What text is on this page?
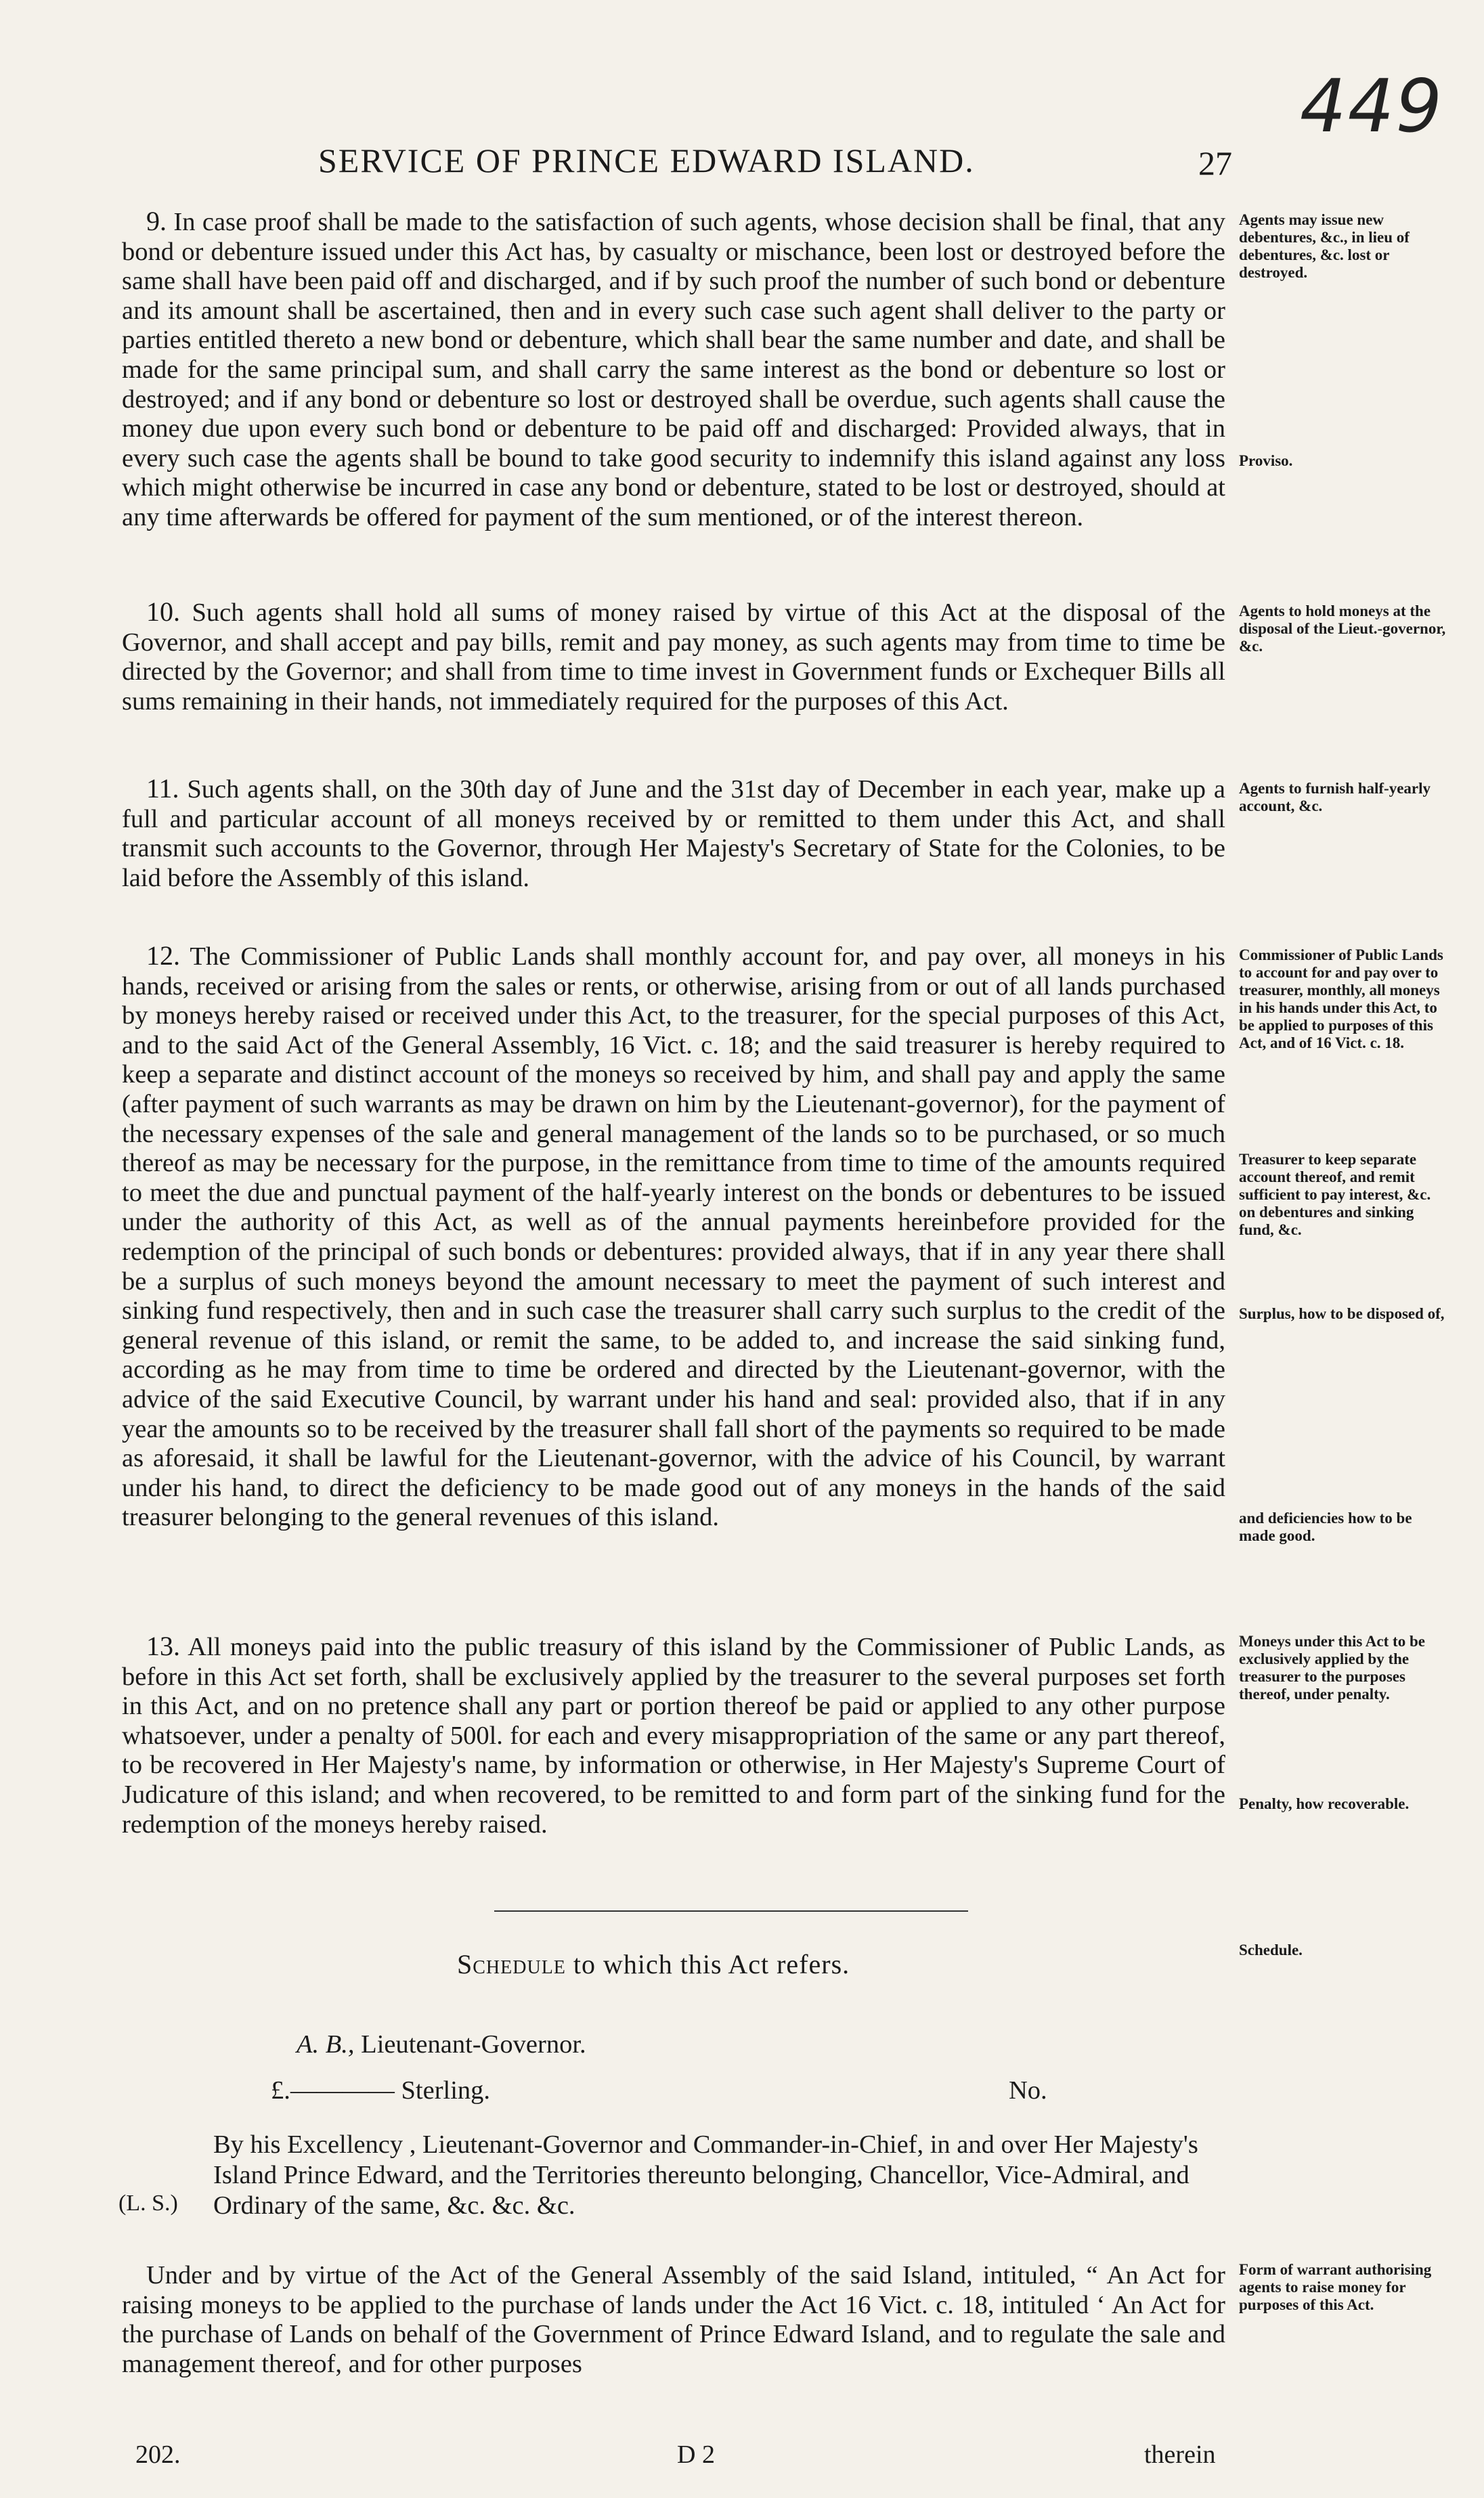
449
SERVICE OF PRINCE EDWARD ISLAND.	27

9. In case proof shall be made to the satisfaction of such agents, whose decision shall be final, that any bond or debenture issued under this Act has, by casualty or mischance, been lost or destroyed before the same shall have been paid off and discharged, and if by such proof the number of such bond or debenture and its amount shall be ascertained, then and in every such case such agent shall deliver to the party or parties entitled thereto a new bond or debenture, which shall bear the same number and date, and shall be made for the same principal sum, and shall carry the same interest as the bond or debenture so lost or destroyed; and if any bond or debenture so lost or destroyed shall be overdue, such agents shall cause the money due upon every such bond or debenture to be paid off and discharged: Provided always, that in every such case the agents shall be bound to take good security to indemnify this island against any loss which might otherwise be incurred in case any bond or debenture, stated to be lost or destroyed, should at any time afterwards be offered for payment of the sum mentioned, or of the interest thereon.

10. Such agents shall hold all sums of money raised by virtue of this Act at the disposal of the Governor, and shall accept and pay bills, remit and pay money, as such agents may from time to time be directed by the Governor; and shall from time to time invest in Government funds or Exchequer Bills all sums remaining in their hands, not immediately required for the purposes of this Act.

11. Such agents shall, on the 30th day of June and the 31st day of December in each year, make up a full and particular account of all moneys received by or remitted to them under this Act, and shall transmit such accounts to the Governor, through Her Majesty's Secretary of State for the Colonies, to be laid before the Assembly of this island.

12. The Commissioner of Public Lands shall monthly account for, and pay over, all moneys in his hands, received or arising from the sales or rents, or otherwise, arising from or out of all lands purchased by moneys hereby raised or received under this Act, to the treasurer, for the special purposes of this Act, and to the said Act of the General Assembly, 16 Vict. c. 18; and the said treasurer is hereby required to keep a separate and distinct account of the moneys so received by him, and shall pay and apply the same (after payment of such warrants as may be drawn on him by the Lieutenant-governor), for the payment of the necessary expenses of the sale and general management of the lands so to be purchased, or so much thereof as may be necessary for the purpose, in the remittance from time to time of the amounts required to meet the due and punctual payment of the half-yearly interest on the bonds or debentures to be issued under the authority of this Act, as well as of the annual payments hereinbefore provided for the redemption of the principal of such bonds or debentures: provided always, that if in any year there shall be a surplus of such moneys beyond the amount necessary to meet the payment of such interest and sinking fund respectively, then and in such case the treasurer shall carry such surplus to the credit of the general revenue of this island, or remit the same, to be added to, and increase the said sinking fund, according as he may from time to time be ordered and directed by the Lieutenant-governor, with the advice of the said Executive Council, by warrant under his hand and seal: provided also, that if in any year the amounts so to be received by the treasurer shall fall short of the payments so required to be made as aforesaid, it shall be lawful for the Lieutenant-governor, with the advice of his Council, by warrant under his hand, to direct the deficiency to be made good out of any moneys in the hands of the said treasurer belonging to the general revenues of this island.

13. All moneys paid into the public treasury of this island by the Commissioner of Public Lands, as before in this Act set forth, shall be exclusively applied by the treasurer to the several purposes set forth in this Act, and on no pretence shall any part or portion thereof be paid or applied to any other purpose whatsoever, under a penalty of 500l. for each and every misappropriation of the same or any part thereof, to be recovered in Her Majesty's name, by information or otherwise, in Her Majesty's Supreme Court of Judicature of this island; and when recovered, to be remitted to and form part of the sinking fund for the redemption of the moneys hereby raised.

Agents may issue new debentures, &c., in lieu of debentures, &c. lost or destroyed.
Proviso.
Agents to hold moneys at the disposal of the Lieut.-governor, &c.
Agents to furnish half-yearly account, &c.
Commissioner of Public Lands to account for and pay over to treasurer, monthly, all moneys in his hands under this Act, to be applied to purposes of this Act, and of 16 Vict. c. 18.
Treasurer to keep separate account thereof, and remit sufficient to pay interest, &c. on debentures and sinking fund, &c.
Surplus, how to be disposed of,
and deficiencies how to be made good.
Moneys under this Act to be exclusively applied by the treasurer to the purposes thereof, under penalty.
Penalty, how recoverable.
Schedule.
Form of warrant authorising agents to raise money for purposes of this Act.
Schedule to which this Act refers.
A. B., Lieutenant-Governor.
£.———— Sterling.	No.
(L. S.)
By his Excellency , Lieutenant-Governor and Commander-in-Chief, in and over Her Majesty's Island Prince Edward, and the Territories thereunto belonging, Chancellor, Vice-Admiral, and Ordinary of the same, &c. &c. &c.

Under and by virtue of the Act of the General Assembly of the said Island, intituled, “ An Act for raising moneys to be applied to the purchase of lands under the Act 16 Vict. c. 18, intituled ‘ An Act for the purchase of Lands on behalf of the Government of Prince Edward Island, and to regulate the sale and management thereof, and for other purposes

202.	D 2	therein
